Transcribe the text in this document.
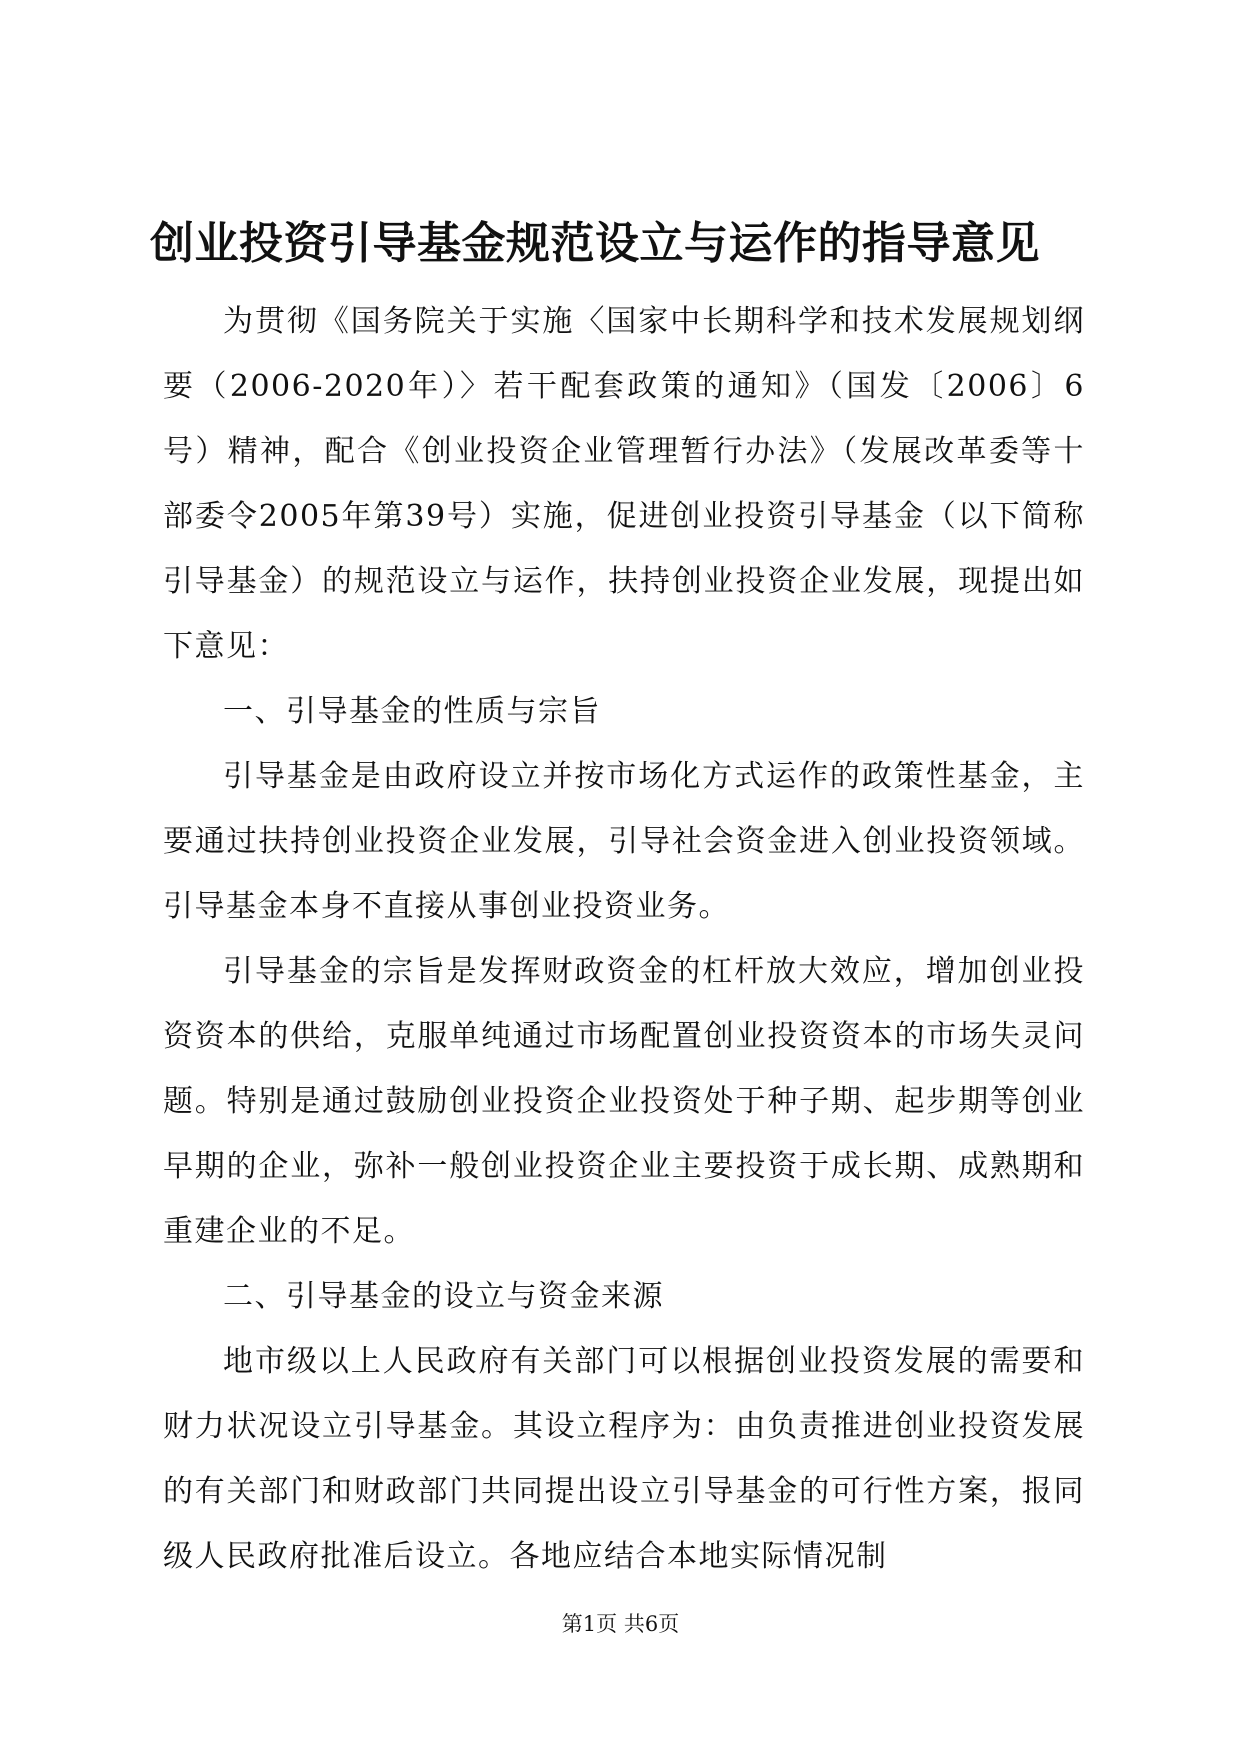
创业投资引导基金规范设立与运作的指导意见

为贯彻《国务院关于实施〈国家中长期科学和技术发展规划纲要（2006-2020年）〉若干配套政策的通知》（国发〔2006〕6号）精神，配合《创业投资企业管理暂行办法》（发展改革委等十部委令2005年第39号）实施，促进创业投资引导基金（以下简称引导基金）的规范设立与运作，扶持创业投资企业发展，现提出如下意见：

一、引导基金的性质与宗旨

引导基金是由政府设立并按市场化方式运作的政策性基金，主要通过扶持创业投资企业发展，引导社会资金进入创业投资领域。引导基金本身不直接从事创业投资业务。

引导基金的宗旨是发挥财政资金的杠杆放大效应，增加创业投资资本的供给，克服单纯通过市场配置创业投资资本的市场失灵问题。特别是通过鼓励创业投资企业投资处于种子期、起步期等创业早期的企业，弥补一般创业投资企业主要投资于成长期、成熟期和重建企业的不足。

二、引导基金的设立与资金来源

地市级以上人民政府有关部门可以根据创业投资发展的需要和财力状况设立引导基金。其设立程序为：由负责推进创业投资发展的有关部门和财政部门共同提出设立引导基金的可行性方案，报同级人民政府批准后设立。各地应结合本地实际情况制

第1页 共6页
